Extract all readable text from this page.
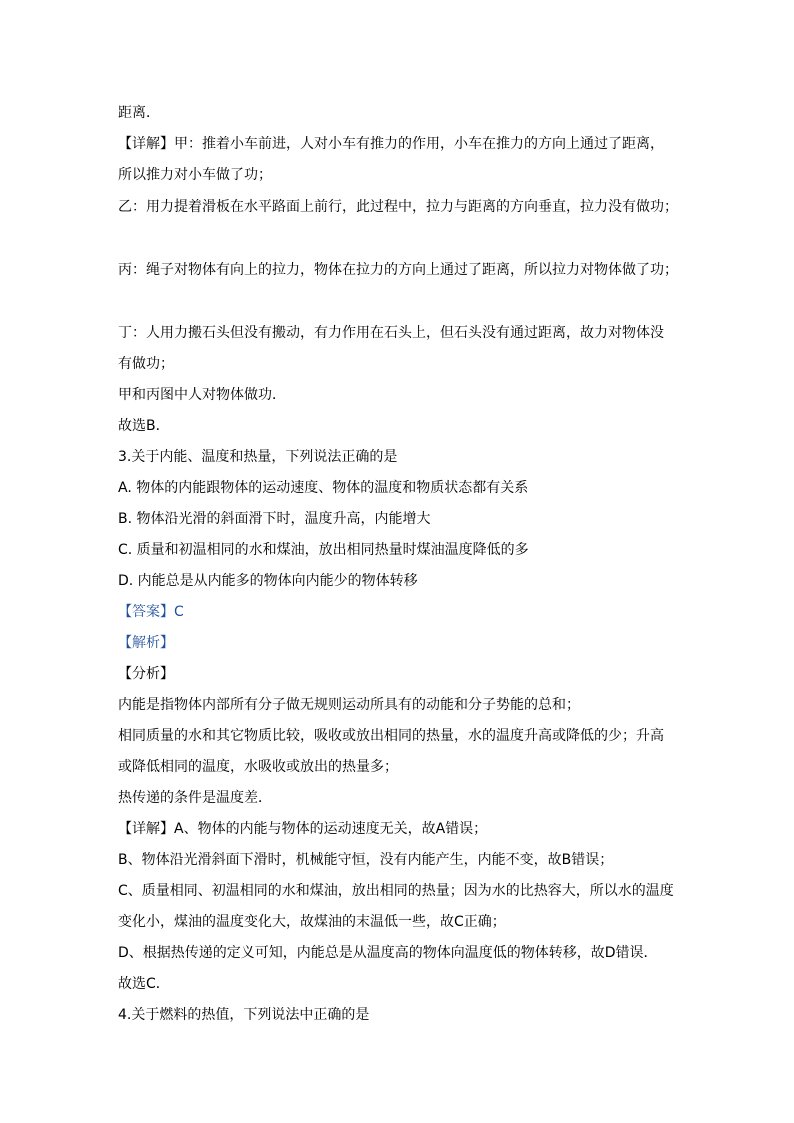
距离．
【详解】甲：推着小车前进，人对小车有推力的作用，小车在推力的方向上通过了距离，
所以推力对小车做了功；
乙：用力提着滑板在水平路面上前行，此过程中，拉力与距离的方向垂直，拉力没有做功；
丙：绳子对物体有向上的拉力，物体在拉力的方向上通过了距离，所以拉力对物体做了功；
丁：人用力搬石头但没有搬动，有力作用在石头上，但石头没有通过距离，故力对物体没
有做功；
甲和丙图中人对物体做功．
故选B．
3.关于内能、温度和热量，下列说法正确的是
A. 物体的内能跟物体的运动速度、物体的温度和物质状态都有关系
B. 物体沿光滑的斜面滑下时，温度升高，内能增大
C. 质量和初温相同的水和煤油，放出相同热量时煤油温度降低的多
D. 内能总是从内能多的物体向内能少的物体转移
【答案】C
【解析】
【分析】
内能是指物体内部所有分子做无规则运动所具有的动能和分子势能的总和；
相同质量的水和其它物质比较，吸收或放出相同的热量，水的温度升高或降低的少；升高
或降低相同的温度，水吸收或放出的热量多；
热传递的条件是温度差．
【详解】A、物体的内能与物体的运动速度无关，故A错误；
B、物体沿光滑斜面下滑时，机械能守恒，没有内能产生，内能不变，故B错误；
C、质量相同、初温相同的水和煤油，放出相同的热量；因为水的比热容大，所以水的温度
变化小，煤油的温度变化大，故煤油的末温低一些，故C正确；
D、根据热传递的定义可知，内能总是从温度高的物体向温度低的物体转移，故D错误．
故选C．
4.关于燃料的热值，下列说法中正确的是
